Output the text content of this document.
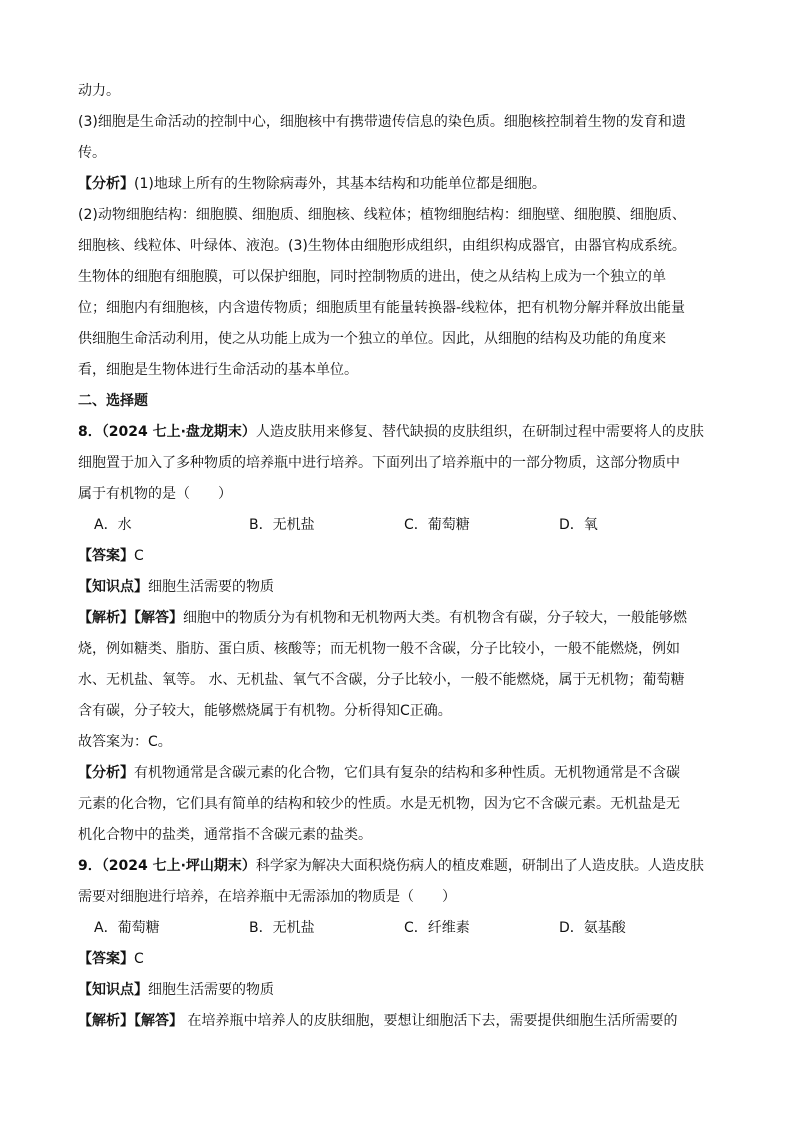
动力。
(3)细胞是生命活动的控制中心，细胞核中有携带遗传信息的染色质。细胞核控制着生物的发育和遗
传。
【分析】(1)地球上所有的生物除病毒外，其基本结构和功能单位都是细胞。
(2)动物细胞结构：细胞膜、细胞质、细胞核、线粒体；植物细胞结构：细胞壁、细胞膜、细胞质、
细胞核、线粒体、叶绿体、液泡。(3)生物体由细胞形成组织，由组织构成器官，由器官构成系统。
生物体的细胞有细胞膜，可以保护细胞，同时控制物质的进出，使之从结构上成为一个独立的单
位；细胞内有细胞核，内含遗传物质；细胞质里有能量转换器-线粒体，把有机物分解并释放出能量
供细胞生命活动利用，使之从功能上成为一个独立的单位。因此，从细胞的结构及功能的角度来
看，细胞是生物体进行生命活动的基本单位。
二、选择题
8．（2024 七上·盘龙期末）人造皮肤用来修复、替代缺损的皮肤组织，在研制过程中需要将人的皮肤
细胞置于加入了多种物质的培养瓶中进行培养。下面列出了培养瓶中的一部分物质，这部分物质中
属于有机物的是（　　）
A．水	B．无机盐	C．葡萄糖	D．氧
【答案】C
【知识点】细胞生活需要的物质
【解析】【解答】细胞中的物质分为有机物和无机物两大类。有机物含有碳，分子较大，一般能够燃
烧，例如糖类、脂肪、蛋白质、核酸等；而无机物一般不含碳，分子比较小，一般不能燃烧，例如
水、无机盐、氧等。 水、无机盐、氧气不含碳，分子比较小，一般不能燃烧，属于无机物；葡萄糖
含有碳，分子较大，能够燃烧属于有机物。分析得知C正确。
故答案为：C。
【分析】有机物通常是含碳元素的化合物，它们具有复杂的结构和多种性质。无机物通常是不含碳
元素的化合物，它们具有简单的结构和较少的性质。水是无机物，因为它不含碳元素。无机盐是无
机化合物中的盐类，通常指不含碳元素的盐类。
9．（2024 七上·坪山期末）科学家为解决大面积烧伤病人的植皮难题，研制出了人造皮肤。人造皮肤
需要对细胞进行培养，在培养瓶中无需添加的物质是（　　）
A．葡萄糖	B．无机盐	C．纤维素	D．氨基酸
【答案】C
【知识点】细胞生活需要的物质
【解析】【解答】 在培养瓶中培养人的皮肤细胞，要想让细胞活下去，需要提供细胞生活所需要的
